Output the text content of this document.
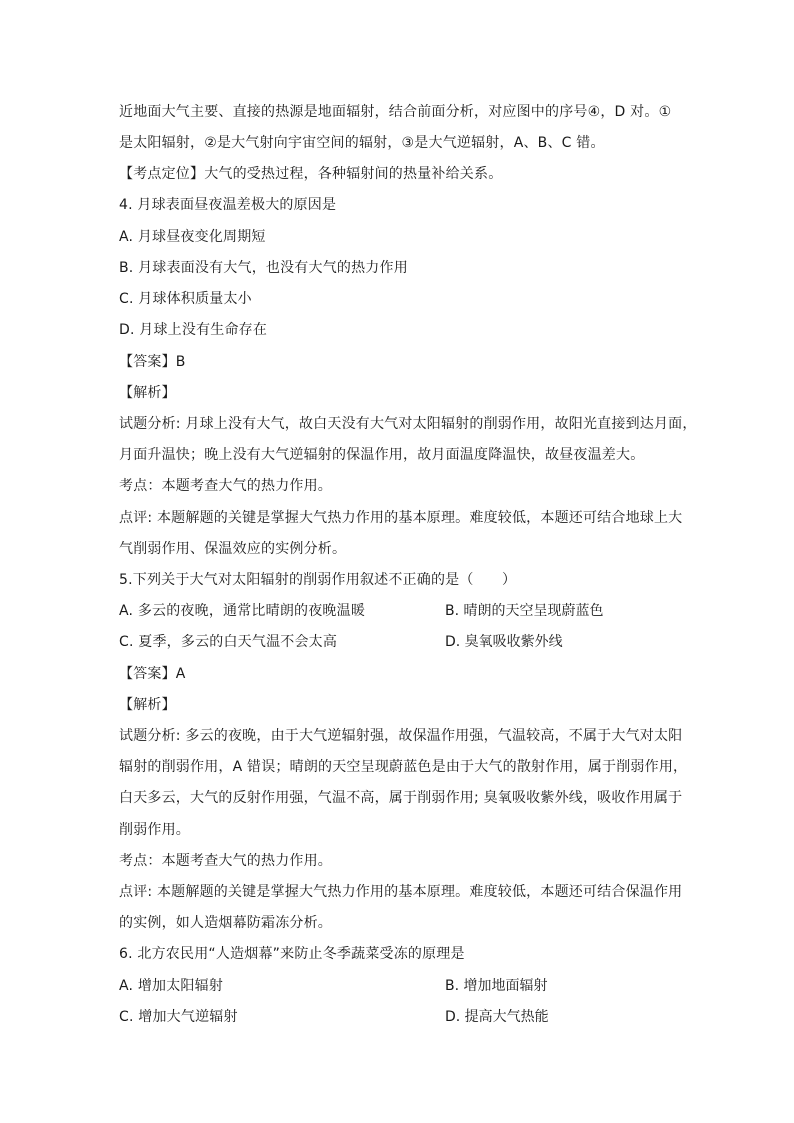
近地面大气主要、直接的热源是地面辐射，结合前面分析，对应图中的序号④，D 对。①
是太阳辐射，②是大气射向宇宙空间的辐射，③是大气逆辐射，A、B、C 错。
【考点定位】大气的受热过程，各种辐射间的热量补给关系。
4. 月球表面昼夜温差极大的原因是
A. 月球昼夜变化周期短
B. 月球表面没有大气，也没有大气的热力作用
C. 月球体积质量太小
D. 月球上没有生命存在
【答案】B
【解析】
试题分析: 月球上没有大气，故白天没有大气对太阳辐射的削弱作用，故阳光直接到达月面，
月面升温快；晚上没有大气逆辐射的保温作用，故月面温度降温快，故昼夜温差大。
考点：本题考查大气的热力作用。
点评: 本题解题的关键是掌握大气热力作用的基本原理。难度较低，本题还可结合地球上大
气削弱作用、保温效应的实例分析。
5.下列关于大气对太阳辐射的削弱作用叙述不正确的是（　　）
A. 多云的夜晚，通常比晴朗的夜晚温暖	B. 晴朗的天空呈现蔚蓝色
C. 夏季，多云的白天气温不会太高	D. 臭氧吸收紫外线
【答案】A
【解析】
试题分析: 多云的夜晚，由于大气逆辐射强，故保温作用强，气温较高，不属于大气对太阳
辐射的削弱作用，A 错误；晴朗的天空呈现蔚蓝色是由于大气的散射作用，属于削弱作用，
白天多云，大气的反射作用强，气温不高，属于削弱作用; 臭氧吸收紫外线，吸收作用属于
削弱作用。
考点：本题考查大气的热力作用。
点评: 本题解题的关键是掌握大气热力作用的基本原理。难度较低，本题还可结合保温作用
的实例，如人造烟幕防霜冻分析。
6. 北方农民用“人造烟幕”来防止冬季蔬菜受冻的原理是
A. 增加太阳辐射	B. 增加地面辐射
C. 增加大气逆辐射	D. 提高大气热能
